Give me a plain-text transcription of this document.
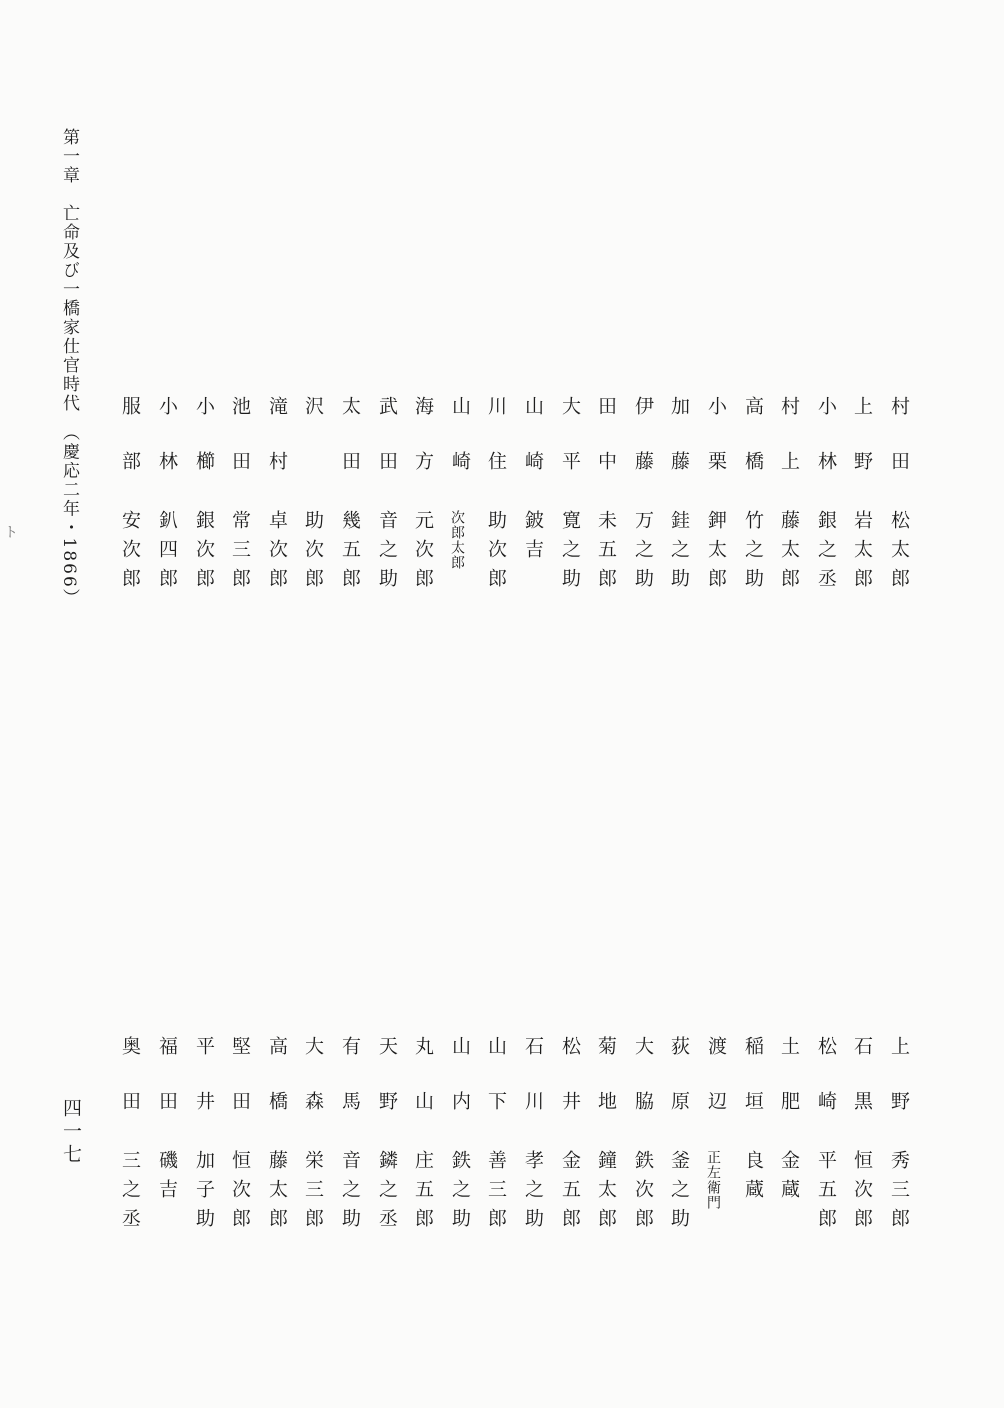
第一章　亡命及び一橋家仕官時代　（慶応二年・1866）
ト
村田
松太郎
上野
岩太郎
小林
銀之丞
村上
藤太郎
高橋
竹之助
小栗
鉀太郎
加藤
銈之助
伊藤
万之助
田中
未五郎
大平
寛之助
山崎
鈹吉
川住
助次郎
山崎
次郎太郎
海方
元次郎
武田
音之助
太田
幾五郎
沢
助次郎
滝村
卓次郎
池田
常三郎
小櫛
銀次郎
小林
釟四郎
服部
安次郎
上野
秀三郎
石黒
恒次郎
松崎
平五郎
土肥
金蔵
稲垣
良蔵
渡辺
正左衛門
荻原
釜之助
大脇
鉄次郎
菊地
鐘太郎
松井
金五郎
石川
孝之助
山下
善三郎
山内
鉄之助
丸山
庄五郎
天野
鏻之丞
有馬
音之助
大森
栄三郎
高橋
藤太郎
堅田
恒次郎
平井
加子助
福田
磯吉
奥田
三之丞
四一七
